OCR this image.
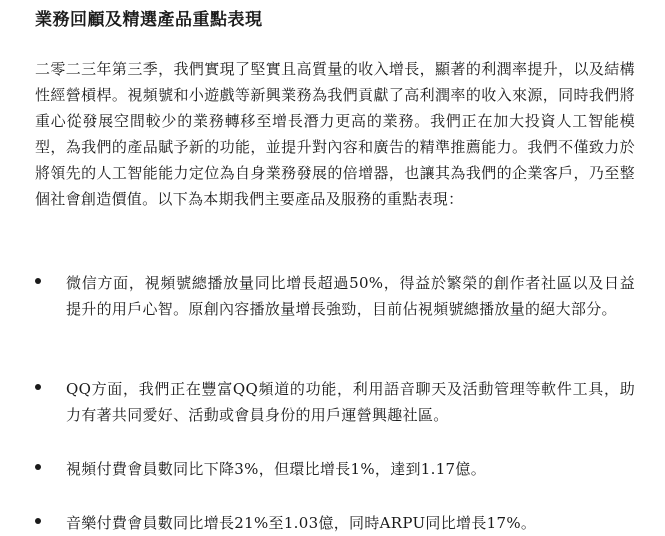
業務回顧及精選產品重點表現

二零二三年第三季，我們實現了堅實且高質量的收入增長，顯著的利潤率提升，以及結構性經營槓桿。視頻號和小遊戲等新興業務為我們貢獻了高利潤率的收入來源，同時我們將重心從發展空間較少的業務轉移至增長潛力更高的業務。我們正在加大投資人工智能模型，為我們的產品賦予新的功能，並提升對內容和廣告的精準推薦能力。我們不僅致力於將領先的人工智能能力定位為自身業務發展的倍增器，也讓其為我們的企業客戶，乃至整個社會創造價值。以下為本期我們主要產品及服務的重點表現：

微信方面，視頻號總播放量同比增長超過50%，得益於繁榮的創作者社區以及日益提升的用戶心智。原創內容播放量增長強勁，目前佔視頻號總播放量的絕大部分。

QQ方面，我們正在豐富QQ頻道的功能，利用語音聊天及活動管理等軟件工具，助力有著共同愛好、活動或會員身份的用戶運營興趣社區。

視頻付費會員數同比下降3%，但環比增長1%，達到1.17億。

音樂付費會員數同比增長21%至1.03億，同時ARPU同比增長17%。
